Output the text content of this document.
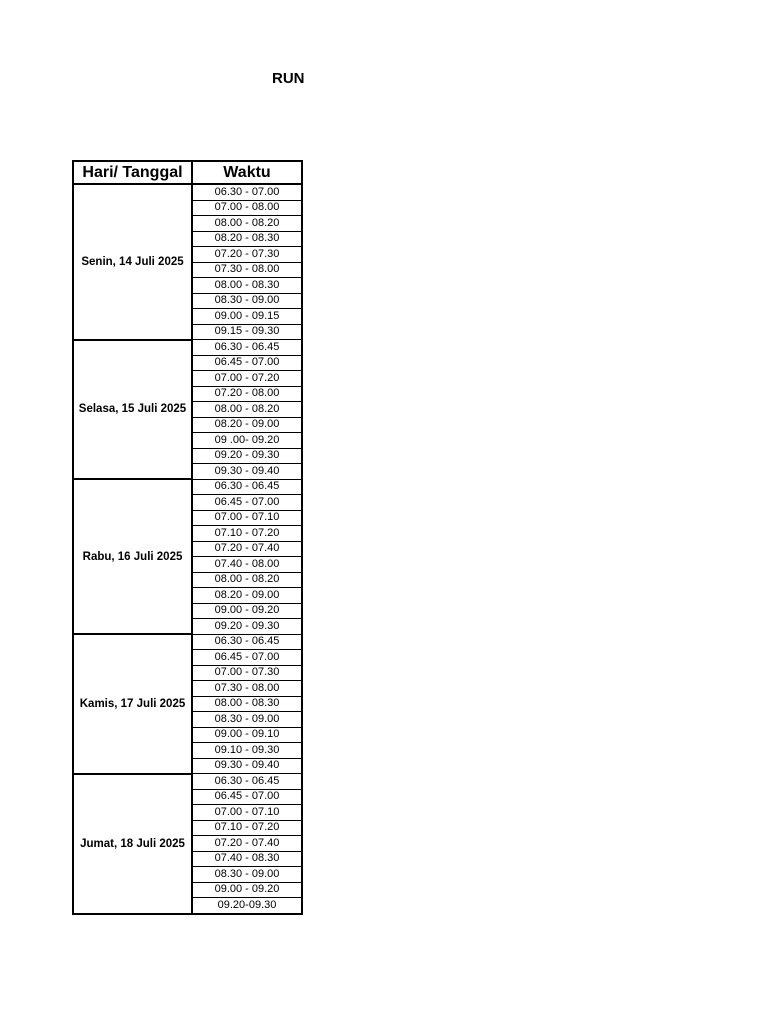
RUN
Hari/ Tanggal	Waktu
Senin, 14 Juli 2025	06.30 - 07.00
	07.00 - 08.00
	08.00 - 08.20
	08.20 - 08.30
	07.20 - 07.30
	07.30 - 08.00
	08.00 - 08.30
	08.30 - 09.00
	09.00 - 09.15
	09.15 - 09.30
Selasa, 15 Juli 2025	06.30 - 06.45
	06.45 - 07.00
	07.00 - 07.20
	07.20 - 08.00
	08.00 - 08.20
	08.20 - 09.00
	09 .00- 09.20
	09.20 - 09.30
	09.30 - 09.40
Rabu, 16 Juli 2025	06.30 - 06.45
	06.45 - 07.00
	07.00 - 07.10
	07.10 - 07.20
	07.20 - 07.40
	07.40 - 08.00
	08.00 - 08.20
	08.20 - 09.00
	09.00 - 09.20
	09.20 - 09.30
Kamis, 17 Juli 2025	06.30 - 06.45
	06.45 - 07.00
	07.00 - 07.30
	07.30 - 08.00
	08.00 - 08.30
	08.30 - 09.00
	09.00 - 09.10
	09.10 - 09.30
	09.30 - 09.40
Jumat, 18 Juli 2025	06.30 - 06.45
	06.45 - 07.00
	07.00 - 07.10
	07.10 - 07.20
	07.20 - 07.40
	07.40 - 08.30
	08.30 - 09.00
	09.00 - 09.20
	09.20-09.30
